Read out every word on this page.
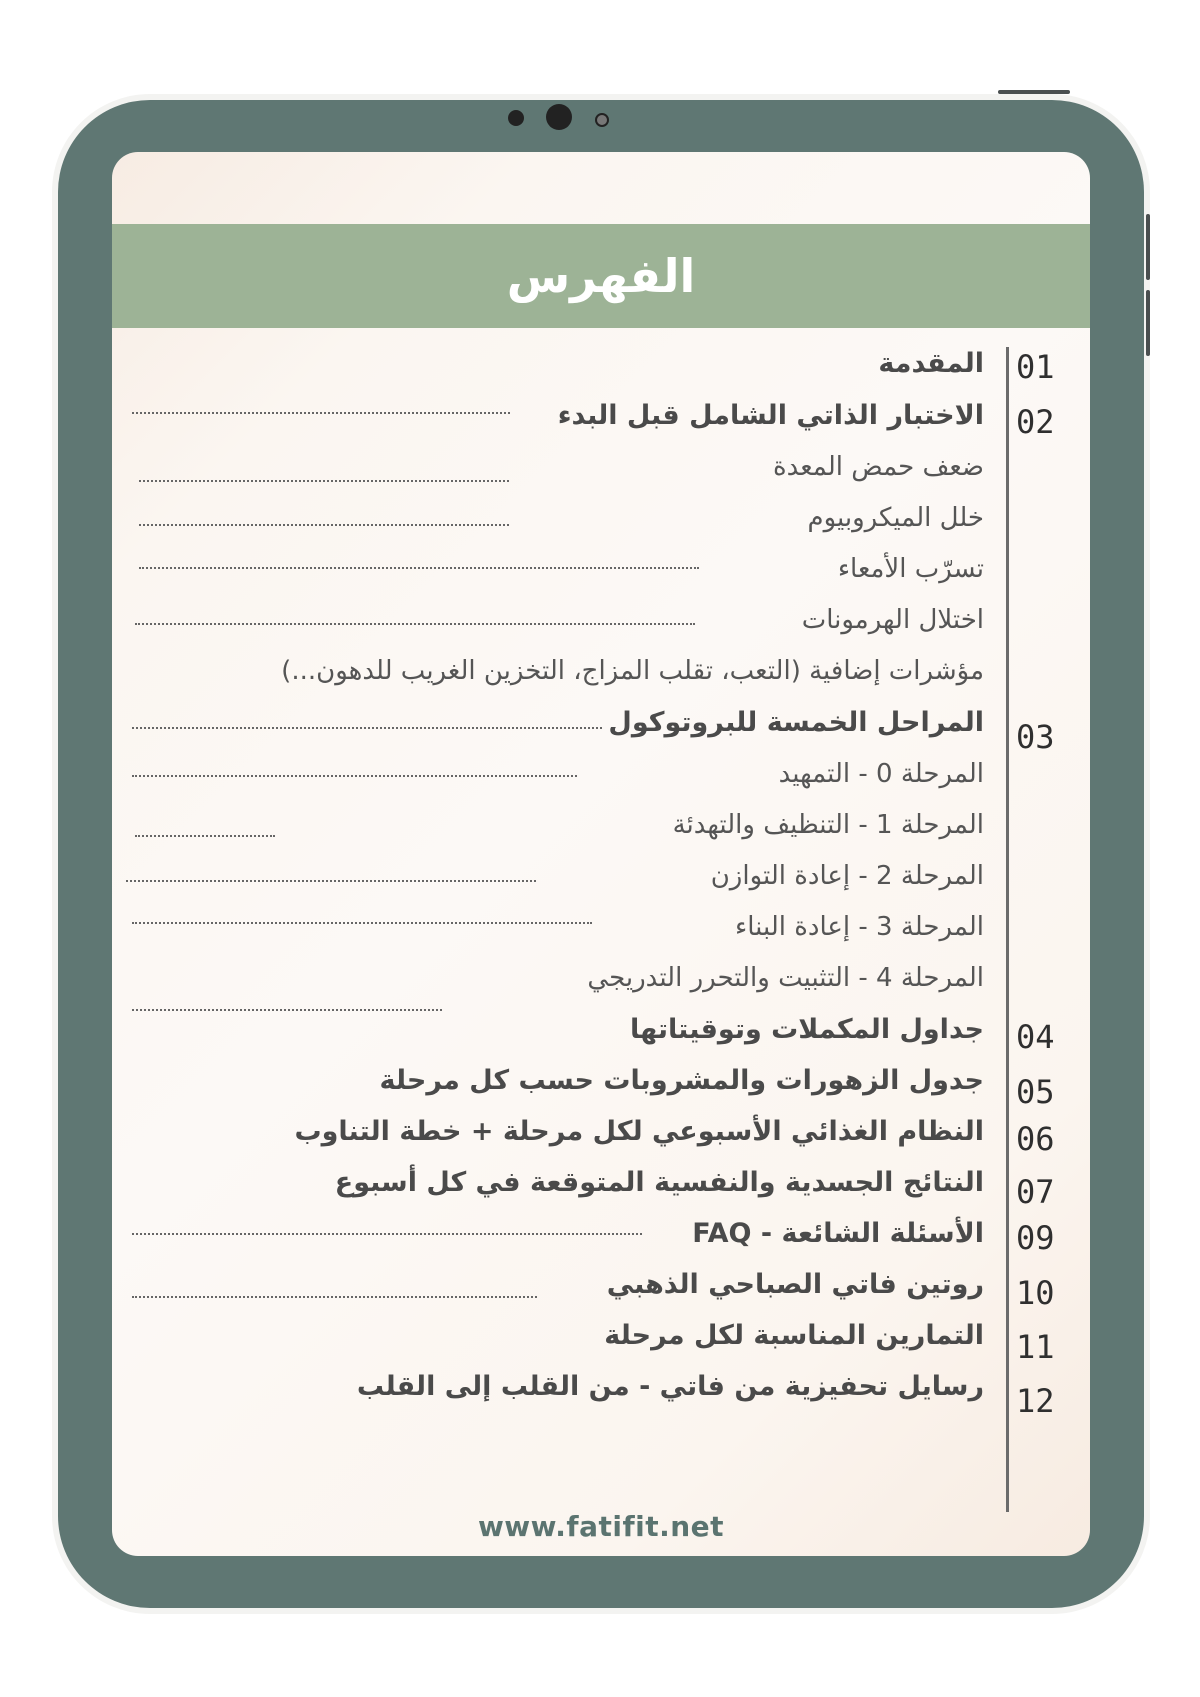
الفهرس
01
02
03
04
05
06
07
09
10
11
12
المقدمة
الاختبار الذاتي الشامل قبل البدء
ضعف حمض المعدة
خلل الميكروبيوم
تسرّب الأمعاء
اختلال الهرمونات
مؤشرات إضافية (التعب، تقلب المزاج، التخزين الغريب للدهون...)
المراحل الخمسة للبروتوكول
المرحلة 0 - التمهيد
المرحلة 1 - التنظيف والتهدئة
المرحلة 2 - إعادة التوازن
المرحلة 3 - إعادة البناء
المرحلة 4 - التثبيت والتحرر التدريجي
جداول المكملات وتوقيتاتها
جدول الزهورات والمشروبات حسب كل مرحلة
النظام الغذائي الأسبوعي لكل مرحلة + خطة التناوب
النتائج الجسدية والنفسية المتوقعة في كل أسبوع
الأسئلة الشائعة - FAQ
روتين فاتي الصباحي الذهبي
التمارين المناسبة لكل مرحلة
رسايل تحفيزية من فاتي - من القلب إلى القلب
www.fatifit.net
